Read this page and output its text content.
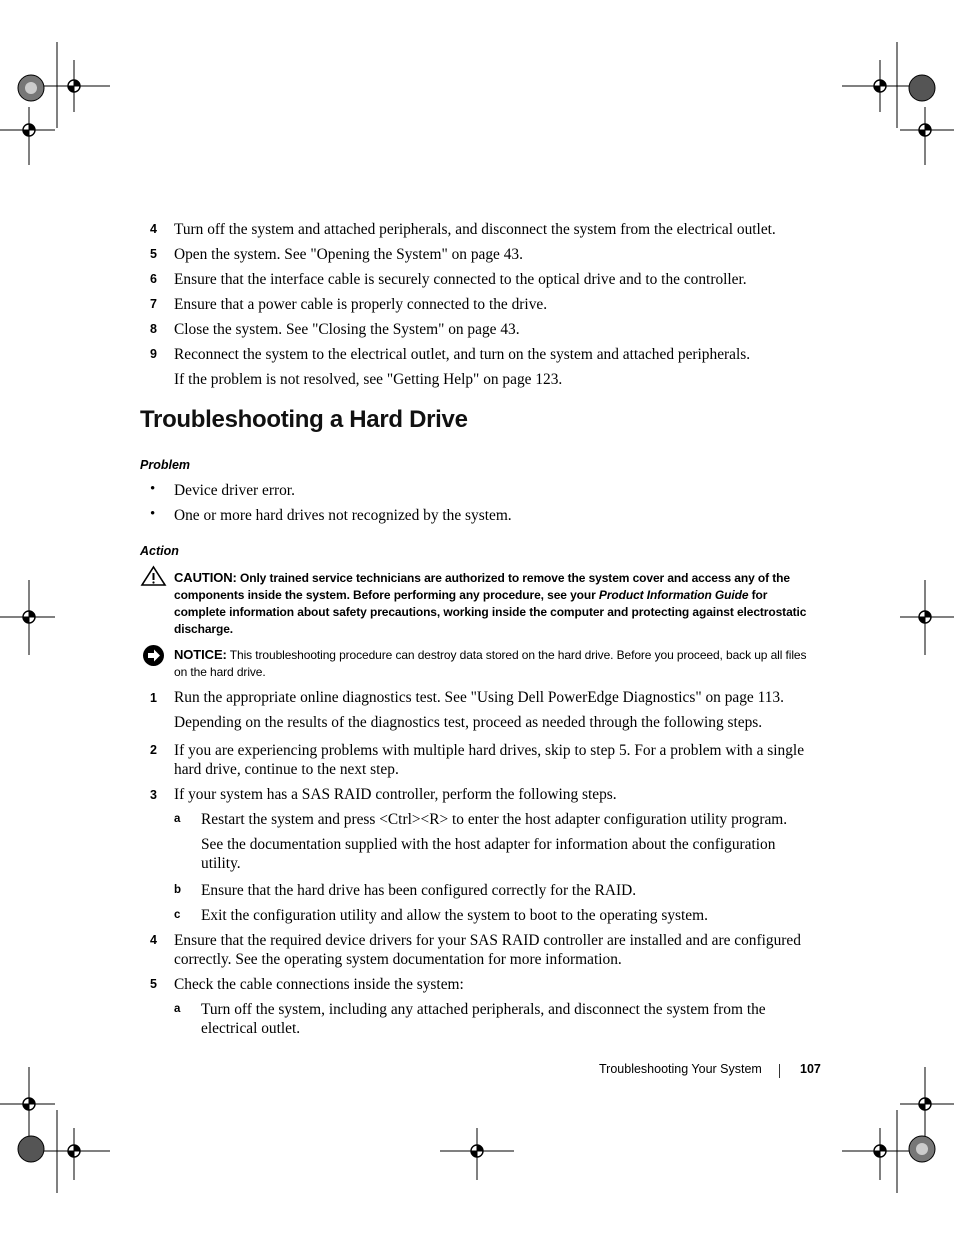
4 Turn off the system and attached peripherals, and disconnect the system from the electrical outlet.
5 Open the system. See "Opening the System" on page 43.
6 Ensure that the interface cable is securely connected to the optical drive and to the controller.
7 Ensure that a power cable is properly connected to the drive.
8 Close the system. See "Closing the System" on page 43.
9 Reconnect the system to the electrical outlet, and turn on the system and attached peripherals.
If the problem is not resolved, see "Getting Help" on page 123.
Troubleshooting a Hard Drive
Problem
• Device driver error.
• One or more hard drives not recognized by the system.
Action
CAUTION: Only trained service technicians are authorized to remove the system cover and access any of the components inside the system. Before performing any procedure, see your Product Information Guide for complete information about safety precautions, working inside the computer and protecting against electrostatic discharge.
NOTICE: This troubleshooting procedure can destroy data stored on the hard drive. Before you proceed, back up all files on the hard drive.
1 Run the appropriate online diagnostics test. See "Using Dell PowerEdge Diagnostics" on page 113.
Depending on the results of the diagnostics test, proceed as needed through the following steps.
2 If you are experiencing problems with multiple hard drives, skip to step 5. For a problem with a single hard drive, continue to the next step.
3 If your system has a SAS RAID controller, perform the following steps.
a Restart the system and press <Ctrl><R> to enter the host adapter configuration utility program.
See the documentation supplied with the host adapter for information about the configuration utility.
b Ensure that the hard drive has been configured correctly for the RAID.
c Exit the configuration utility and allow the system to boot to the operating system.
4 Ensure that the required device drivers for your SAS RAID controller are installed and are configured correctly. See the operating system documentation for more information.
5 Check the cable connections inside the system:
a Turn off the system, including any attached peripherals, and disconnect the system from the electrical outlet.
Troubleshooting Your System	107
